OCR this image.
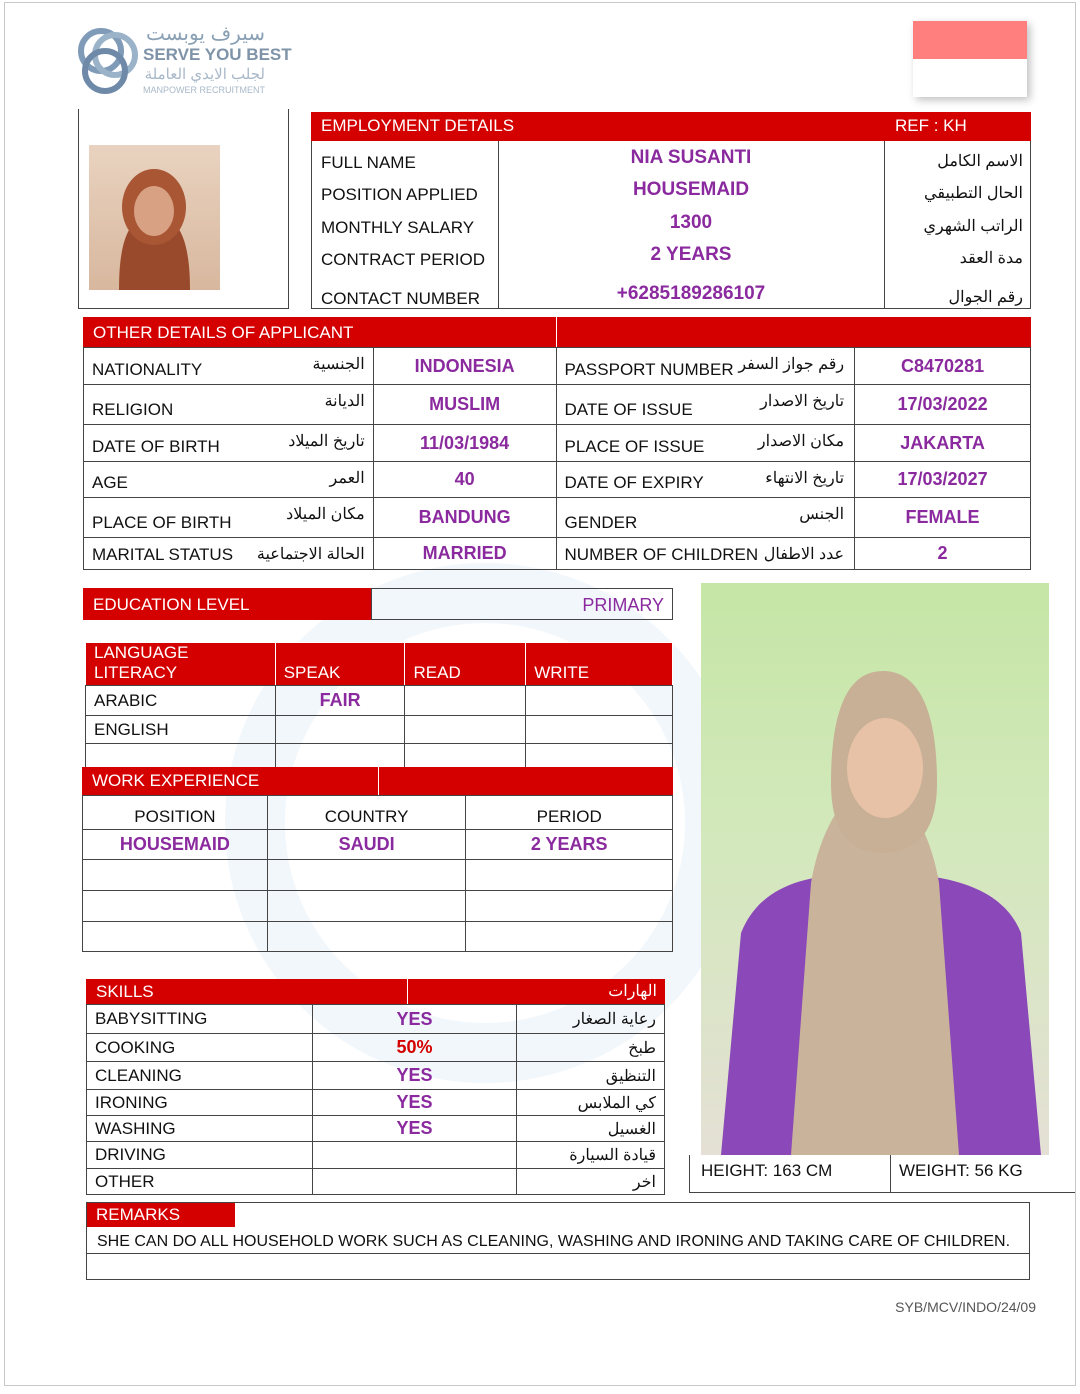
سيرف يوبست
SERVE YOU BEST
لجلب الايدي العاملة
MANPOWER RECRUITMENT
EMPLOYMENT DETAILS	REF : KH
FULL NAME	NIA SUSANTI	الاسم الكامل
POSITION APPLIED	HOUSEMAID	الحال التطبيقي
MONTHLY SALARY	1300	الراتب الشهري
CONTRACT PERIOD	2 YEARS	مدة العقد
CONTACT NUMBER	+6285189286107	رقم الجوال
OTHER DETAILS OF APPLICANT
NATIONALITY الجنسية	INDONESIA	PASSPORT NUMBER رقم جواز السفر	C8470281
RELIGION الديانة	MUSLIM	DATE OF ISSUE تاريخ الاصدار	17/03/2022
DATE OF BIRTH تاريخ الميلاد	11/03/1984	PLACE OF ISSUE مكان الاصدار	JAKARTA
AGE العمر	40	DATE OF EXPIRY تاريخ الانتهاء	17/03/2027
PLACE OF BIRTH مكان الميلاد	BANDUNG	GENDER الجنس	FEMALE
MARITAL STATUS الحالة الاجتماعية	MARRIED	NUMBER OF CHILDREN عدد الاطفال	2
EDUCATION LEVEL	PRIMARY
LANGUAGE LITERACY	SPEAK	READ	WRITE
ARABIC	FAIR		
ENGLISH			

WORK EXPERIENCE
POSITION	COUNTRY	PERIOD
HOUSEMAID	SAUDI	2 YEARS

SKILLS	الهارات
BABYSITTING	YES	رعاية الصغار
COOKING	50%	طبخ
CLEANING	YES	التنظيق
IRONING	YES	كي الملابس
WASHING	YES	الغسيل
DRIVING		قيادة السيارة
OTHER		اخر
HEIGHT: 163 CM	WEIGHT: 56 KG
REMARKS
SHE CAN DO ALL HOUSEHOLD WORK SUCH AS CLEANING, WASHING AND IRONING AND TAKING CARE OF CHILDREN.
SYB/MCV/INDO/24/09
